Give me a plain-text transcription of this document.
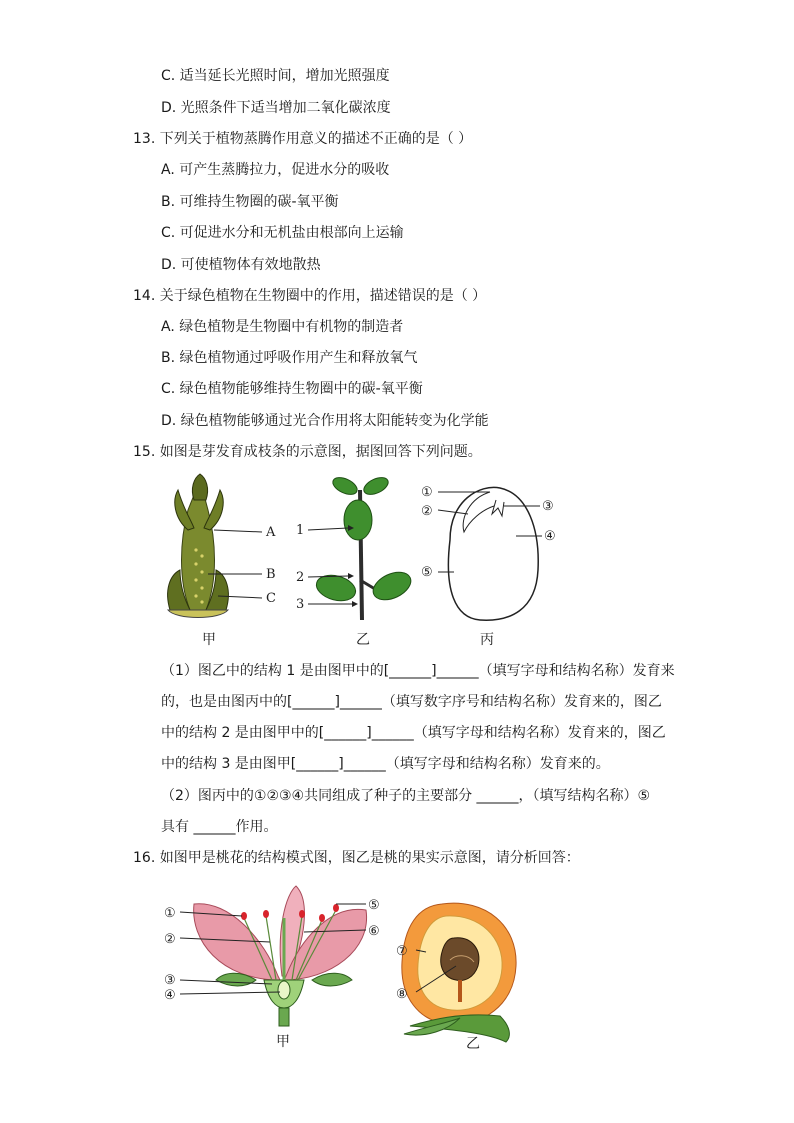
C. 适当延长光照时间，增加光照强度
D. 光照条件下适当增加二氧化碳浓度
13. 下列关于植物蒸腾作用意义的描述不正确的是（ ）
A. 可产生蒸腾拉力，促进水分的吸收
B. 可维持生物圈的碳-氧平衡
C. 可促进水分和无机盐由根部向上运输
D. 可使植物体有效地散热
14. 关于绿色植物在生物圈中的作用，描述错误的是（ ）
A. 绿色植物是生物圈中有机物的制造者
B. 绿色植物通过呼吸作用产生和释放氧气
C. 绿色植物能够维持生物圈中的碳-氧平衡
D. 绿色植物能够通过光合作用将太阳能转变为化学能
15. 如图是芽发育成枝条的示意图，据图回答下列问题。
A
B
C
1
2
3
①
②	③
④
⑤
甲	乙	丙
（1）图乙中的结构 1 是由图甲中的[______]______（填写字母和结构名称）发育来
的，也是由图丙中的[______]______（填写数字序号和结构名称）发育来的，图乙
中的结构 2 是由图甲中的[______]______（填写字母和结构名称）发育来的，图乙
中的结构 3 是由图甲[______]______（填写字母和结构名称）发育来的。
（2）图丙中的①②③④共同组成了种子的主要部分 ______，（填写结构名称）⑤
具有 ______作用。
16. 如图甲是桃花的结构模式图，图乙是桃的果实示意图，请分析回答：
①
②
③
④
⑤
⑥
⑦
⑧
甲	乙
